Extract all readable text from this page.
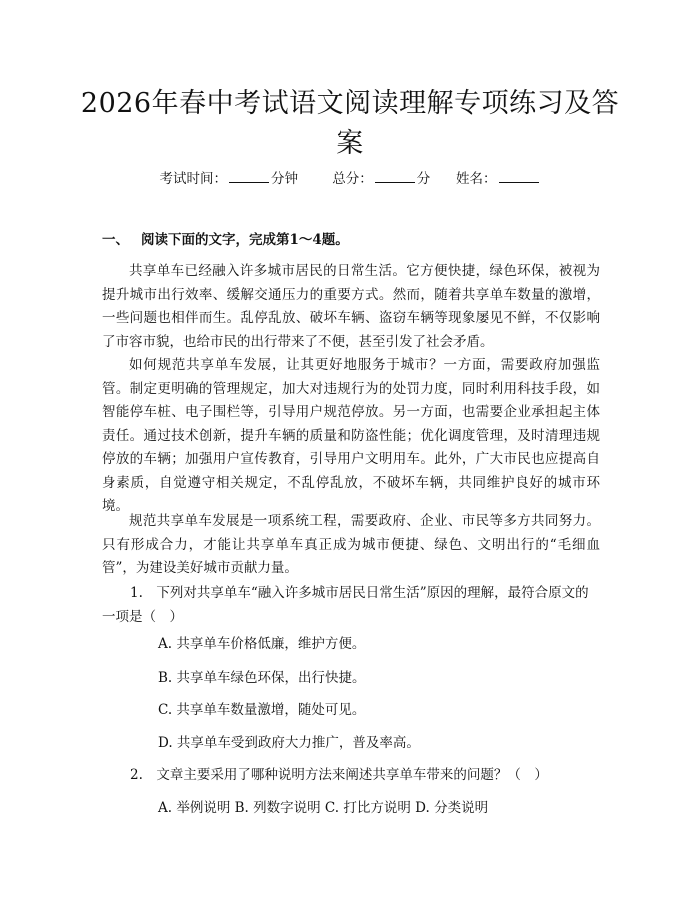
2026年春中考试语文阅读理解专项练习及答案
考试时间：	分钟	总分：	分 姓名：
一、 阅读下面的文字，完成第1～4题。

共享单车已经融入许多城市居民的日常生活。它方便快捷，绿色环保，被视为提升城市出行效率、缓解交通压力的重要方式。然而，随着共享单车数量的激增，一些问题也相伴而生。乱停乱放、破坏车辆、盗窃车辆等现象屡见不鲜，不仅影响了市容市貌，也给市民的出行带来了不便，甚至引发了社会矛盾。

如何规范共享单车发展，让其更好地服务于城市？一方面，需要政府加强监管。制定更明确的管理规定，加大对违规行为的处罚力度，同时利用科技手段，如智能停车桩、电子围栏等，引导用户规范停放。另一方面，也需要企业承担起主体责任。通过技术创新，提升车辆的质量和防盗性能；优化调度管理，及时清理违规停放的车辆；加强用户宣传教育，引导用户文明用车。此外，广大市民也应提高自身素质，自觉遵守相关规定，不乱停乱放，不破坏车辆，共同维护良好的城市环境。

规范共享单车发展是一项系统工程，需要政府、企业、市民等多方共同努力。只有形成合力，才能让共享单车真正成为城市便捷、绿色、文明出行的“毛细血管”，为建设美好城市贡献力量。

1.　下列对共享单车“融入许多城市居民日常生活”原因的理解，最符合原文的一项是（　）

A. 共享单车价格低廉，维护方便。
B. 共享单车绿色环保，出行快捷。
C. 共享单车数量激增，随处可见。
D. 共享单车受到政府大力推广，普及率高。

2.　文章主要采用了哪种说明方法来阐述共享单车带来的问题？（　）

A. 举例说明 B. 列数字说明 C. 打比方说明 D. 分类说明
